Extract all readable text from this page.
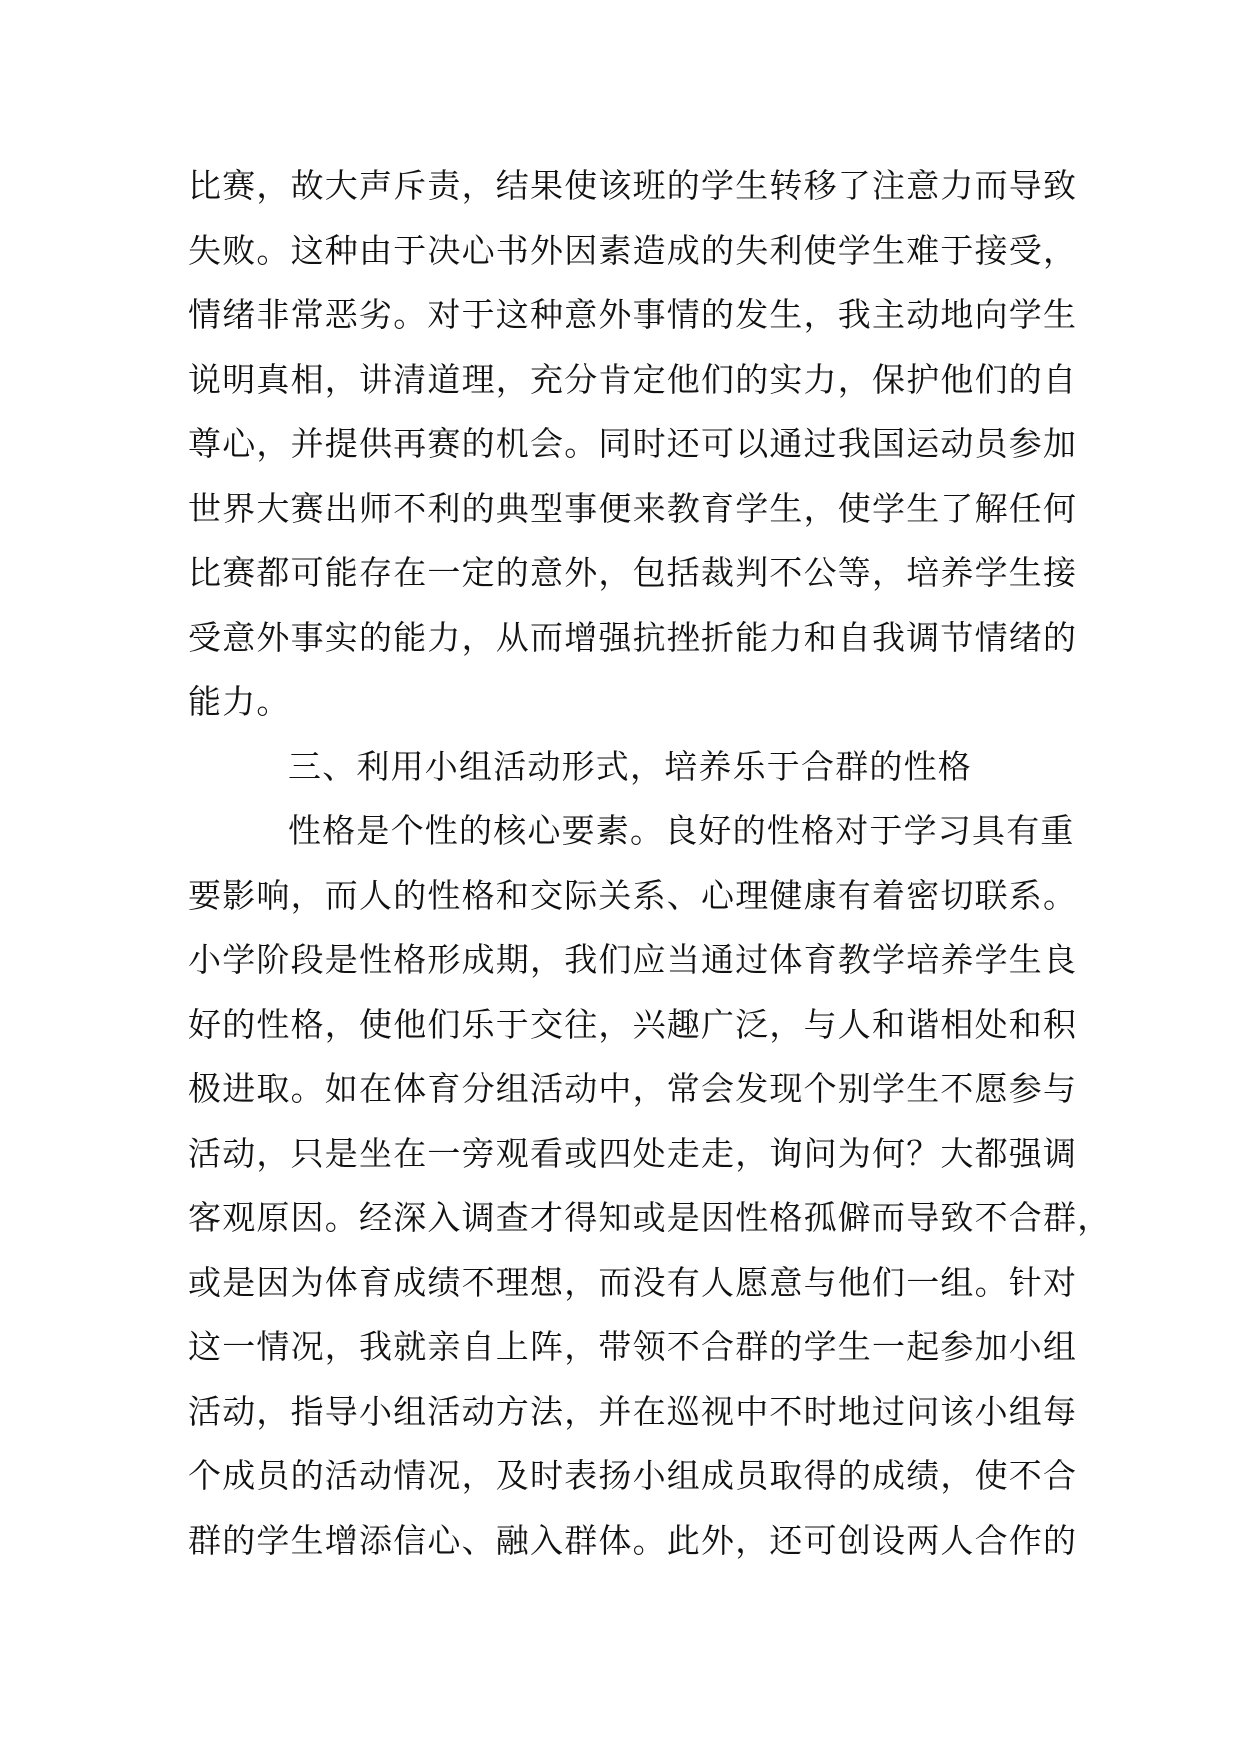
比赛，故大声斥责，结果使该班的学生转移了注意力而导致
失败。这种由于决心书外因素造成的失利使学生难于接受，
情绪非常恶劣。对于这种意外事情的发生，我主动地向学生
说明真相，讲清道理，充分肯定他们的实力，保护他们的自
尊心，并提供再赛的机会。同时还可以通过我国运动员参加
世界大赛出师不利的典型事便来教育学生，使学生了解任何
比赛都可能存在一定的意外，包括裁判不公等，培养学生接
受意外事实的能力，从而增强抗挫折能力和自我调节情绪的
能力。
三、利用小组活动形式，培养乐于合群的性格
性格是个性的核心要素。良好的性格对于学习具有重
要影响，而人的性格和交际关系、心理健康有着密切联系。
小学阶段是性格形成期，我们应当通过体育教学培养学生良
好的性格，使他们乐于交往，兴趣广泛，与人和谐相处和积
极进取。如在体育分组活动中，常会发现个别学生不愿参与
活动，只是坐在一旁观看或四处走走，询问为何？大都强调
客观原因。经深入调查才得知或是因性格孤僻而导致不合群，
或是因为体育成绩不理想，而没有人愿意与他们一组。针对
这一情况，我就亲自上阵，带领不合群的学生一起参加小组
活动，指导小组活动方法，并在巡视中不时地过问该小组每
个成员的活动情况，及时表扬小组成员取得的成绩，使不合
群的学生增添信心、融入群体。此外，还可创设两人合作的
